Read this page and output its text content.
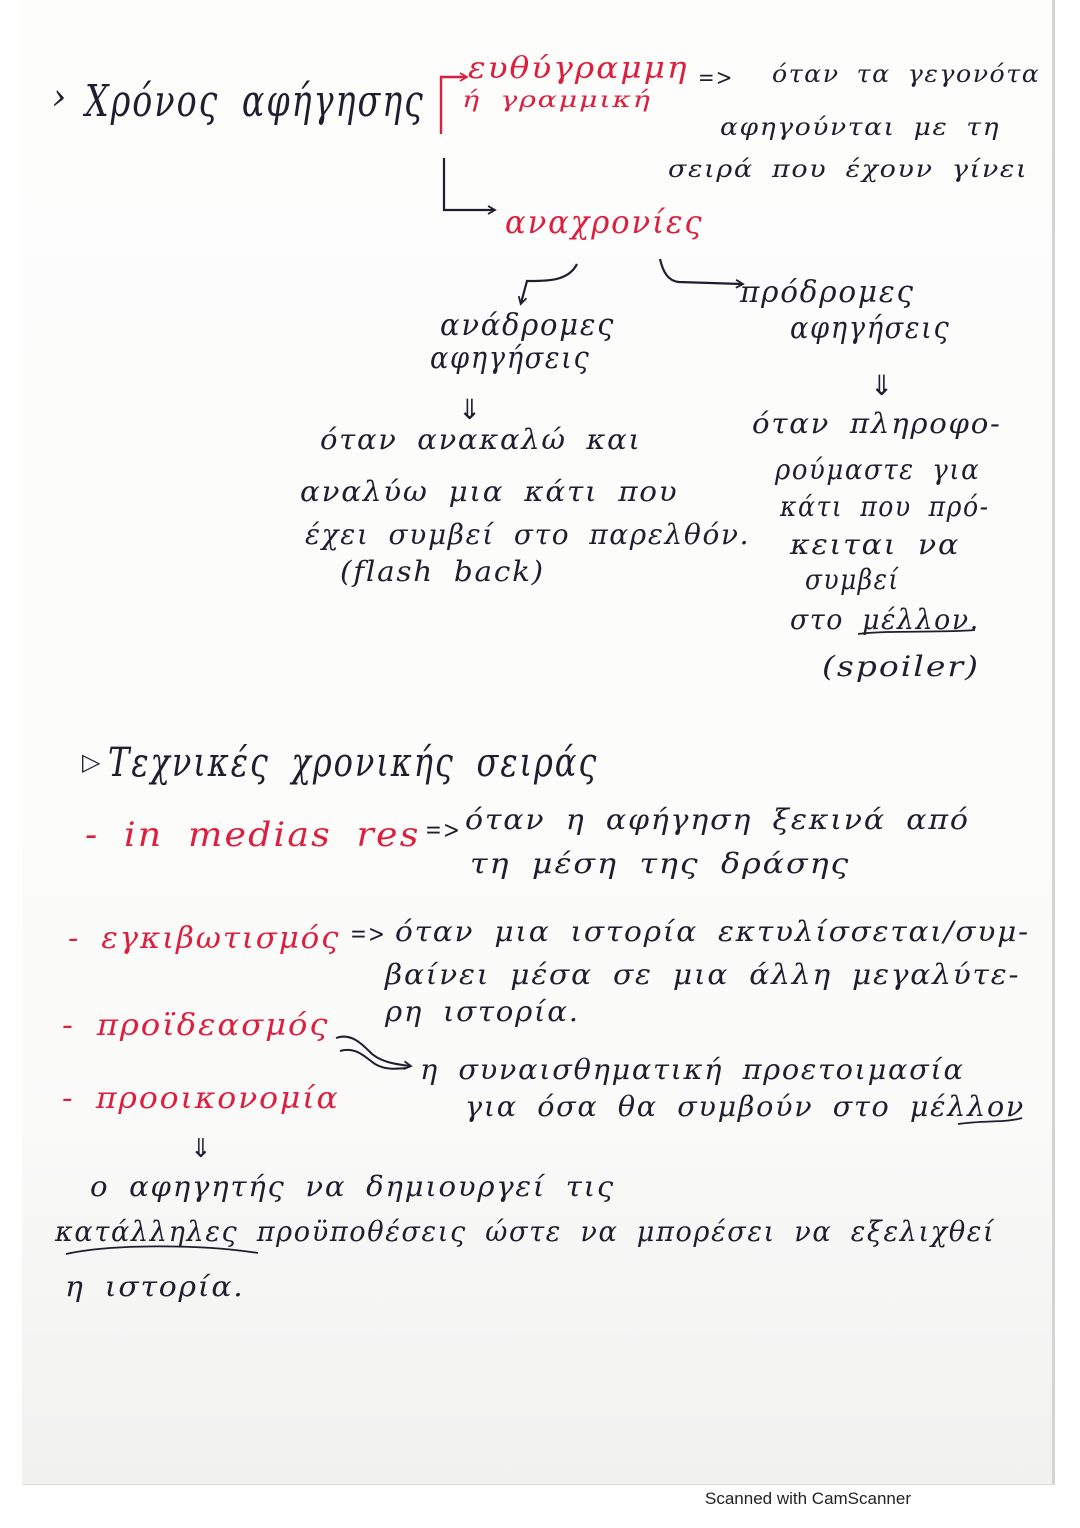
› Χρόνος αφήγησης
ευθύγραμμη
ή γραμμική
=> όταν τα γεγονότα
αφηγούνται με τη
σειρά που έχουν γίνει
αναχρονίες
ανάδρομες
αφηγήσεις
⇓
όταν ανακαλώ και
αναλύω μια κάτι που
έχει συμβεί στο παρελθόν.
(flash back)
πρόδρομες
αφηγήσεις
⇓
όταν πληροφο-
ρούμαστε για
κάτι που πρό-
κειται να
συμβεί
στο μέλλον.
(spoiler)
▷ Τεχνικές χρονικής σειράς
- in medias res => όταν η αφήγηση ξεκινά από
τη μέση της δράσης
- εγκιβωτισμός => όταν μια ιστορία εκτυλίσσεται/συμ-
βαίνει μέσα σε μια άλλη μεγαλύτε-
ρη ιστορία.
- προϊδεασμός
- προοικονομία
η συναισθηματική προετοιμασία
για όσα θα συμβούν στο μέλλον
⇓
ο αφηγητής να δημιουργεί τις
κατάλληλες προϋποθέσεις ώστε να μπορέσει να εξελιχθεί
η ιστορία.
Scanned with CamScanner
